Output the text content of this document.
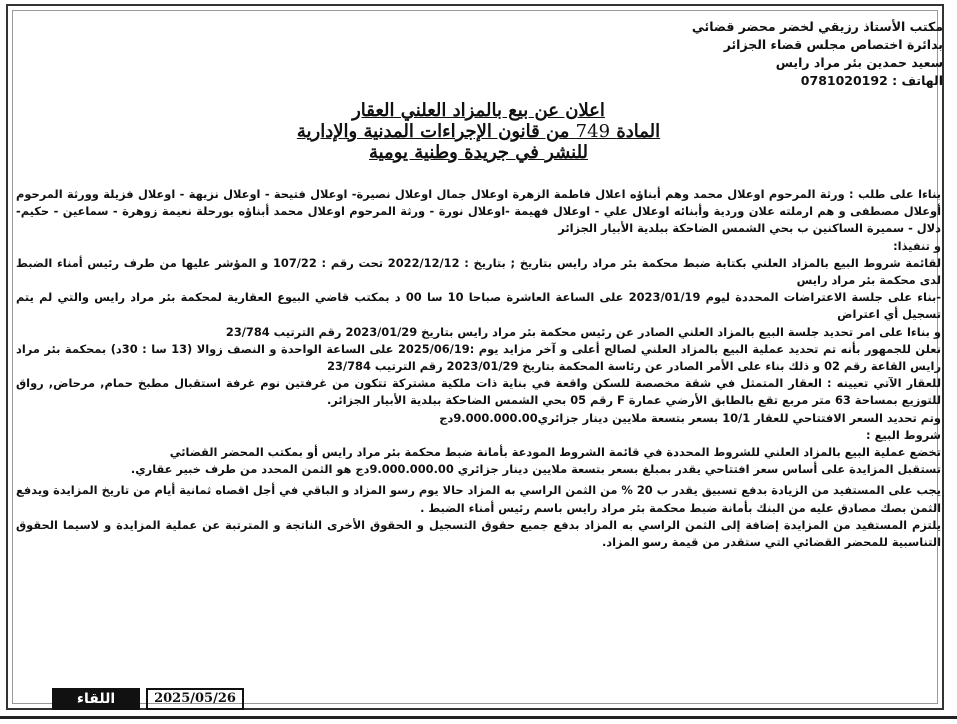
مكتب الأستاذ رزيقي لخضر محضر قضائي
بدائرة اختصاص مجلس قضاء الجزائر
سعيد حمدين بئر مراد رايس
الهاتف : 0781020192
اعلان عن بيع بالمزاد العلني العقار
المادة 749 من قانون الإجراءات المدنية والإدارية
للنشر في جريدة وطنية يومية

بناءا على طلب : ورثة المرحوم اوعلال محمد وهم أبناؤه اعلال فاطمة الزهرة اوعلال جمال اوعلال نصيرة- اوعلال فتيحة - اوعلال نزيهة - اوعلال فزيلة وورثة المرحوم أوعلال مصطفى و هم ارملته علان وردية وأبنائه اوعلال علي - اوعلال فهيمة -اوعلال نورة - ورثة المرحوم اوعلال محمد أبناؤه بورحلة نعيمة زوهرة - سماعين - حكيم- دلال - سميرة الساكنين ب بحي الشمس الضاحكة ببلدية الأبيار الجزائر

و تنفيذا:

لقائمة شروط البيع بالمزاد العلني بكتابة ضبط محكمة بئر مراد رايس بتاريخ ; بتاريخ : 2022/12/12 تحت رقم : 107/22 و المؤشر عليها من طرف رئيس أمناء الضبط لدى محكمة بئر مراد رايس

-بناء على جلسة الاعتراضات المحددة ليوم 2023/01/19 على الساعة العاشرة صباحا 10 سا 00 د بمكتب قاضي البيوع العقارية لمحكمة بئر مراد رايس والتي لم يتم تسجيل أي اعتراض

و بناءا على امر تحديد جلسة البيع بالمزاد العلني الصادر عن رئيس محكمة بئر مراد رايس بتاريخ 2023/01/29 رقم الترتيب 23/784

نعلن للجمهور بأنه تم تحديد عملية البيع بالمزاد العلني لصالح أعلى و آخر مزايد يوم :2025/06/19 على الساعة الواحدة و النصف زوالا (13 سا : 30د) بمحكمة بئر مراد رايس القاعة رقم 02 و ذلك بناء على الأمر الصادر عن رئاسة المحكمة بتاريخ 2023/01/29 رقم الترتيب 23/784

للعقار الآتي تعيينه : العقار المتمثل في شقة مخصصة للسكن واقعة في بناية ذات ملكية مشتركة تتكون من غرفتين نوم غرفة استقبال مطبخ حمام, مرحاض, رواق للتوزيع بمساحة 63 متر مربع تقع بالطابق الأرضي عمارة F رقم 05 بحي الشمس الضاحكة ببلدية الأبيار الجزائر.

وتم تحديد السعر الافتتاحي للعقار 10/1 بسعر بتسعة ملايين دينار جزائري9.000.000.00دج

شروط البيع :

تخضع عملية البيع بالمزاد العلني للشروط المحددة في قائمة الشروط المودعة بأمانة ضبط محكمة بئر مراد رايس أو بمكتب المحضر القضائي

تستقبل المزايدة على أساس سعر افتتاحي يقدر بمبلغ بسعر بتسعة ملايين دينار جزائري 9.000.000.00دج هو الثمن المحدد من طرف خبير عقاري.

يجب على المستفيد من الزيادة بدفع تسبيق يقدر ب 20 % من الثمن الراسي به المزاد حالا يوم رسو المزاد و الباقي في أجل اقصاه ثمانية أيام من تاريخ المزايدة ويدفع الثمن بصك مصادق عليه من البنك بأمانة ضبط محكمة بئر مراد رايس باسم رئيس أمناء الضبط .

يلتزم المستفيد من المزايدة إضافة إلى الثمن الراسي به المزاد بدفع جميع حقوق التسجيل و الحقوق الأخرى الناتجة و المترتبة عن عملية المزايدة و لاسيما الحقوق التناسبية للمحضر القضائي التي ستقدر من قيمة رسو المزاد.

اللقاء	2025/05/26
